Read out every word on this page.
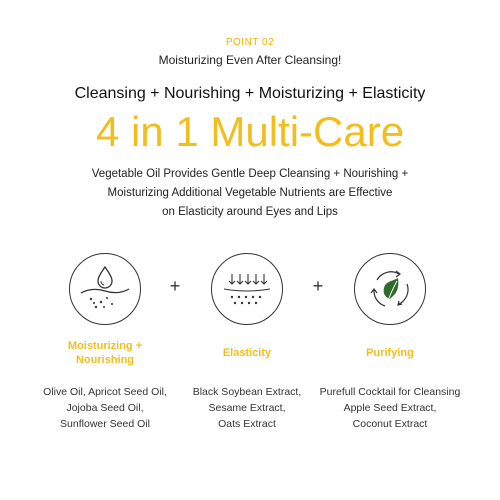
POINT 02
Moisturizing Even After Cleansing!
Cleansing + Nourishing + Moisturizing + Elasticity
4 in 1 Multi-Care
Vegetable Oil Provides Gentle Deep Cleansing + Nourishing +
Moisturizing Additional Vegetable Nutrients are Effective
on Elasticity around Eyes and Lips
+	+
Moisturizing +
Nourishing
Elasticity	Purifying
Olive Oil, Apricot Seed Oil,
Jojoba Seed Oil,
Sunflower Seed Oil
Black Soybean Extract,
Sesame Extract,
Oats Extract
Purefull Cocktail for Cleansing
Apple Seed Extract,
Coconut Extract
